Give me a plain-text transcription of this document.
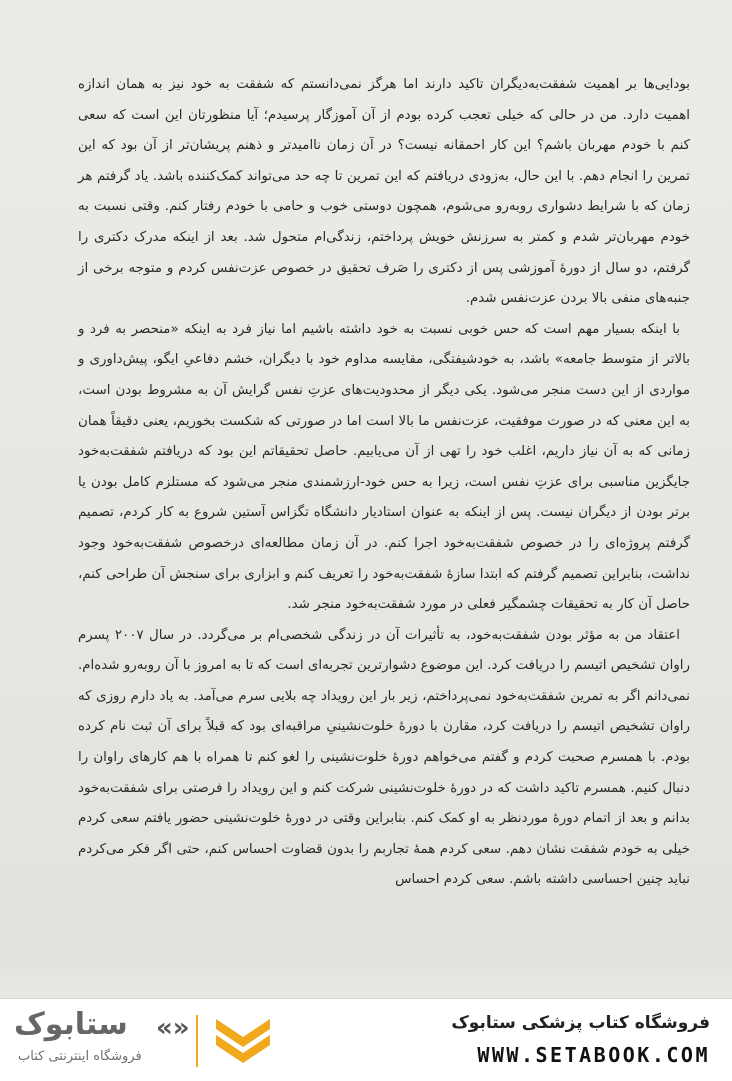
بودایی‌ها بر اهمیت شفقت‌به‌دیگران تاکید دارند اما هرگز نمی‌دانستم که شفقت به خود نیز به همان اندازه اهمیت دارد. من در حالی که خیلی تعجب کرده بودم از آن آموزگار پرسیدم؛ آیا منظورتان این است که سعی کنم با خودم مهربان باشم؟ این کار احمقانه نیست؟ در آن زمان ناامیدتر و ذهنم پریشان‌تر از آن بود که این تمرین را انجام دهم. با این حال، به‌زودی دریافتم که این تمرین تا چه حد می‌تواند کمک‌کننده باشد. یاد گرفتم هر زمان که با شرایط دشواری روبه‌رو می‌شوم، همچون دوستی خوب و حامی با خودم رفتار کنم. وقتی نسبت به خودم مهربان‌تر شدم و کمتر به سرزنش خویش پرداختم، زندگی‌ام متحول شد. بعد از اینکه مدرک دکتری را گرفتم، دو سال از دورهٔ آموزشی پس از دکتری را صَرف تحقیق در خصوص عزت‌نفس کردم و متوجه برخی از جنبه‌های منفی بالا بردن عزت‌نفس شدم.

با اینکه بسیار مهم است که حس خوبی نسبت به خود داشته باشیم اما نیاز فرد به اینکه «منحصر به فرد و بالاتر از متوسط جامعه» باشد، به خودشیفتگی، مقایسه مداوم خود با دیگران، خشم دفاعیِ ایگو، پیش‌داوری و مواردی از این دست منجر می‌شود. یکی دیگر از محدودیت‌های عزتِ نفس گرایش آن به مشروط بودن است، به این معنی که در صورت موفقیت، عزت‌نفس ما بالا است اما در صورتی که شکست بخوریم، یعنی دقیقاً همان زمانی که به آن نیاز داریم، اغلب خود را تهی از آن می‌یابیم. حاصل تحقیقاتم این بود که دریافتم شفقت‌به‌خود جایگزین مناسبی برای عزتِ نفس است، زیرا به حس خود-ارزشمندی منجر می‌شود که مستلزم کامل بودن یا برتر بودن از دیگران نیست. پس از اینکه به عنوان استادیار دانشگاه تگزاس آستین شروع به کار کردم، تصمیم گرفتم پروژه‌ای را در خصوص شفقت‌به‌خود اجرا کنم. در آن زمان مطالعه‌ای درخصوص شفقت‌به‌خود وجود نداشت، بنابراین تصمیم گرفتم که ابتدا سازهٔ شفقت‌به‌خود را تعریف کنم و ابزاری برای سنجش آن طراحی کنم، حاصل آن کار به تحقیقات چشمگیر فعلی در مورد شفقت‌به‌خود منجر شد.

اعتقاد من به مؤثر بودن شفقت‌به‌خود، به تأثیرات آن در زندگی شخصی‌ام بر می‌گردد. در سال ۲۰۰۷ پسرم راوان تشخیص اتیسم را دریافت کرد. این موضوع دشوارترین تجربه‌ای است که تا به امروز با آن روبه‌رو شده‌ام. نمی‌دانم اگر به تمرین شفقت‌به‌خود نمی‌پرداختم، زیر بار این رویداد چه بلایی سرم می‌آمد. به یاد دارم روزی که راوان تشخیص اتیسم را دریافت کرد، مقارن با دورهٔ خلوت‌نشینیِ مراقبه‌ای بود که قبلاً برای آن ثبت نام کرده بودم. با همسرم صحبت کردم و گفتم می‌خواهم دورهٔ خلوت‌نشینی را لغو کنم تا همراه با هم کارهای راوان را دنبال کنیم. همسرم تاکید داشت که در دورهٔ خلوت‌نشینی شرکت کنم و این رویداد را فرصتی برای شفقت‌به‌خود بدانم و بعد از اتمام دورهٔ موردنظر به او کمک کنم. بنابراین وقتی در دورهٔ خلوت‌نشینی حضور یافتم سعی کردم خیلی به خودم شفقت نشان دهم. سعی کردم همهٔ تجاربم را بدون قضاوت احساس کنم، حتی اگر فکر می‌کردم نباید چنین احساسی داشته باشم. سعی کردم احساس

فروشگاه کتاب پزشکی ستابوک
WWW.SETABOOK.COM
«»
ستابوک
فروشگاه اینترنتی کتاب
